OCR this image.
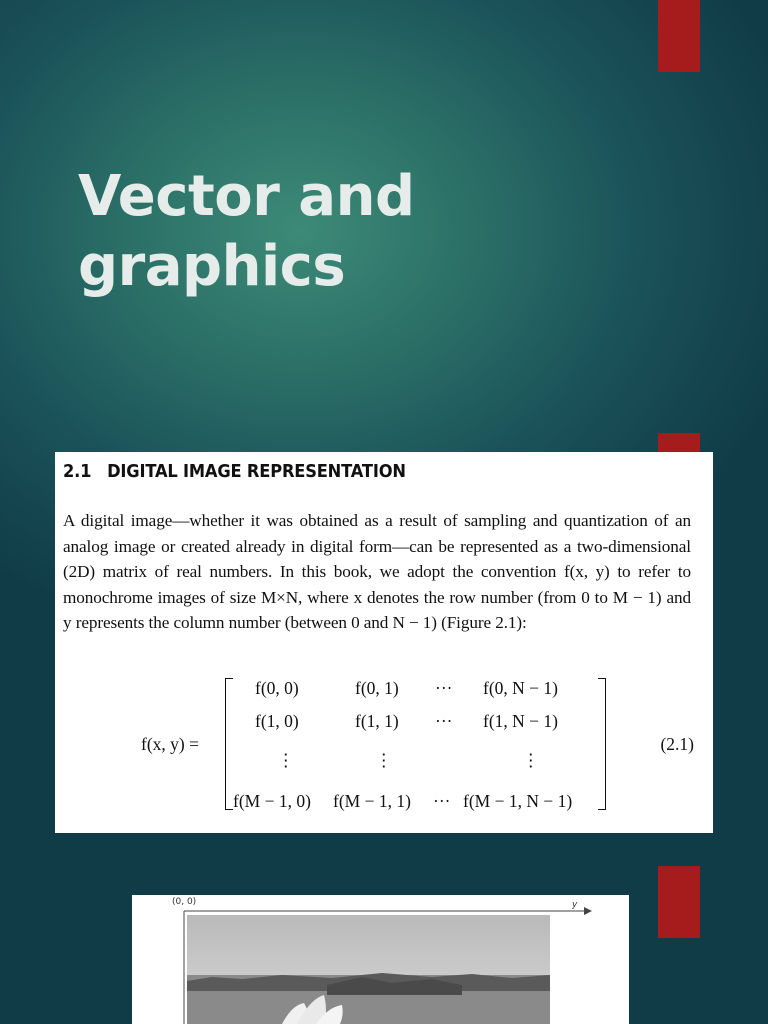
Vector and
graphics
2.1 DIGITAL IMAGE REPRESENTATION

A digital image—whether it was obtained as a result of sampling and quantization of an analog image or created already in digital form—can be represented as a two-dimensional (2D) matrix of real numbers. In this book, we adopt the convention f(x, y) to refer to monochrome images of size M×N, where x denotes the row number (from 0 to M − 1) and y represents the column number (between 0 and N − 1) (Figure 2.1):

f(x, y) =
f(0, 0)	f(0, 1) ··· f(0, N − 1)
f(1, 0)	f(1, 1) ··· f(1, N − 1)
⋮	⋮	⋮
f(M − 1, 0) f(M − 1, 1) ··· f(M − 1, N − 1)
(2.1)
(0, 0)	y
